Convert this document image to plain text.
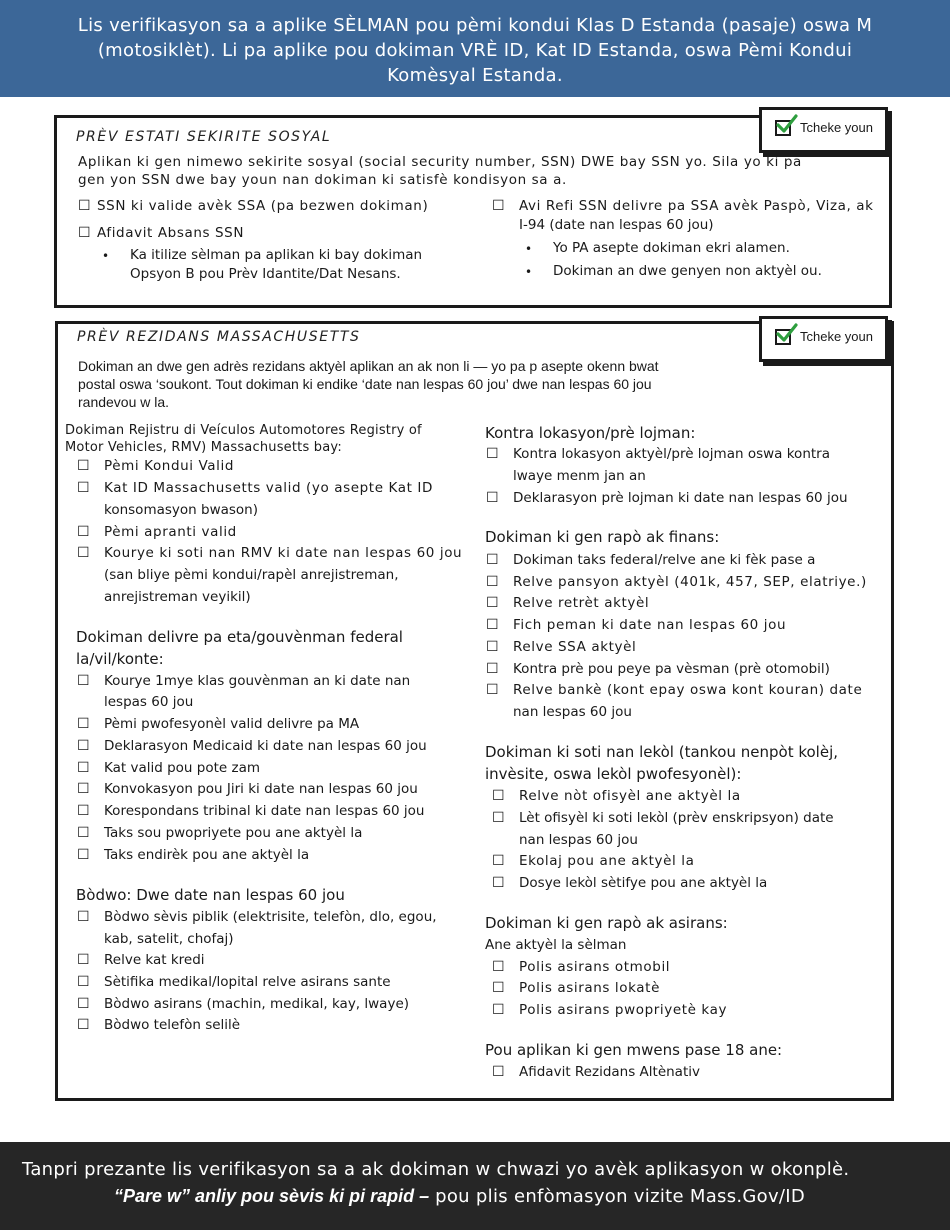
Lis verifikasyon sa a aplike SÈLMAN pou pèmi kondui Klas D Estanda (pasaje) oswa M
(motosiklèt). Li pa aplike pou dokiman VRÈ ID, Kat ID Estanda, oswa Pèmi Kondui
Komèsyal Estanda.
PRÈV ESTATI SEKIRITE SOSYAL
Aplikan ki gen nimewo sekirite sosyal (social security number, SSN) DWE bay SSN yo. Sila yo ki pa
gen yon SSN dwe bay youn nan dokiman ki satisfè kondisyon sa a.
☐ SSN ki valide avèk SSA (pa bezwen dokiman)
☐ Afidavit Absans SSN
• Ka itilize sèlman pa aplikan ki bay dokiman
Opsyon B pou Prèv Idantite/Dat Nesans.
☐ Avi Refi SSN delivre pa SSA avèk Paspò, Viza, ak
I-94 (date nan lespas 60 jou)
• Yo PA asepte dokiman ekri alamen.
• Dokiman an dwe genyen non aktyèl ou.
Tcheke youn
PRÈV REZIDANS MASSACHUSETTS
Dokiman an dwe gen adrès rezidans aktyèl aplikan an ak non li — yo pa p asepte okenn bwat
postal oswa ‘soukont. Tout dokiman ki endike ‘date nan lespas 60 jou’ dwe nan lespas 60 jou
randevou w la.
Tcheke youn
Dokiman Rejistru di Veículos Automotores Registry of
Motor Vehicles, RMV) Massachusetts bay:
☐ Pèmi Kondui Valid
☐ Kat ID Massachusetts valid (yo asepte Kat ID
konsomasyon bwason)
☐ Pèmi apranti valid
☐ Kourye ki soti nan RMV ki date nan lespas 60 jou
(san bliye pèmi kondui/rapèl anrejistreman,
anrejistreman veyikil)
Dokiman delivre pa eta/gouvènman federal
la/vil/konte:
☐ Kourye 1mye klas gouvènman an ki date nan
lespas 60 jou
☐ Pèmi pwofesyonèl valid delivre pa MA
☐ Deklarasyon Medicaid ki date nan lespas 60 jou
☐ Kat valid pou pote zam
☐ Konvokasyon pou Jiri ki date nan lespas 60 jou
☐ Korespondans tribinal ki date nan lespas 60 jou
☐ Taks sou pwopriyete pou ane aktyèl la
☐ Taks endirèk pou ane aktyèl la
Bòdwo: Dwe date nan lespas 60 jou
☐ Bòdwo sèvis piblik (elektrisite, telefòn, dlo, egou,
kab, satelit, chofaj)
☐ Relve kat kredi
☐ Sètifika medikal/lopital relve asirans sante
☐ Bòdwo asirans (machin, medikal, kay, lwaye)
☐ Bòdwo telefòn selilè
Kontra lokasyon/prè lojman:
☐ Kontra lokasyon aktyèl/prè lojman oswa kontra
lwaye menm jan an
☐ Deklarasyon prè lojman ki date nan lespas 60 jou
Dokiman ki gen rapò ak finans:
☐ Dokiman taks federal/relve ane ki fèk pase a
☐ Relve pansyon aktyèl (401k, 457, SEP, elatriye.)
☐ Relve retrèt aktyèl
☐ Fich peman ki date nan lespas 60 jou
☐ Relve SSA aktyèl
☐ Kontra prè pou peye pa vèsman (prè otomobil)
☐ Relve bankè (kont epay oswa kont kouran) date
nan lespas 60 jou
Dokiman ki soti nan lekòl (tankou nenpòt kolèj,
invèsite, oswa lekòl pwofesyonèl):
☐ Relve nòt ofisyèl ane aktyèl la
☐ Lèt ofisyèl ki soti lekòl (prèv enskripsyon) date
nan lespas 60 jou
☐ Ekolaj pou ane aktyèl la
☐ Dosye lekòl sètifye pou ane aktyèl la
Dokiman ki gen rapò ak asirans:
Ane aktyèl la sèlman
☐ Polis asirans otmobil
☐ Polis asirans lokatè
☐ Polis asirans pwopriyetè kay
Pou aplikan ki gen mwens pase 18 ane:
☐ Afidavit Rezidans Altènativ
Tanpri prezante lis verifikasyon sa a ak dokiman w chwazi yo avèk aplikasyon w okonplè.
“Pare w” anliy pou sèvis ki pi rapid – pou plis enfòmasyon vizite Mass.Gov/ID
